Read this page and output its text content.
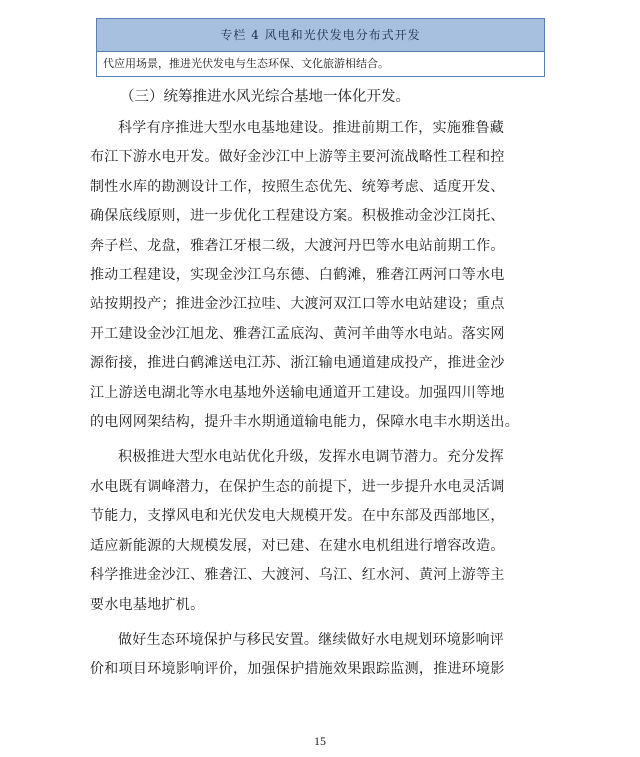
专栏 4 风电和光伏发电分布式开发
代应用场景，推进光伏发电与生态环保、文化旅游相结合。
（三）统筹推进水风光综合基地一体化开发。
科学有序推进大型水电基地建设。推进前期工作，实施雅鲁藏
布江下游水电开发。做好金沙江中上游等主要河流战略性工程和控
制性水库的勘测设计工作，按照生态优先、统筹考虑、适度开发、
确保底线原则，进一步优化工程建设方案。积极推动金沙江岗托、
奔子栏、龙盘，雅砻江牙根二级，大渡河丹巴等水电站前期工作。
推动工程建设，实现金沙江乌东德、白鹤滩，雅砻江两河口等水电
站按期投产；推进金沙江拉哇、大渡河双江口等水电站建设；重点
开工建设金沙江旭龙、雅砻江孟底沟、黄河羊曲等水电站。落实网
源衔接，推进白鹤滩送电江苏、浙江输电通道建成投产，推进金沙
江上游送电湖北等水电基地外送输电通道开工建设。加强四川等地
的电网网架结构，提升丰水期通道输电能力，保障水电丰水期送出。
积极推进大型水电站优化升级，发挥水电调节潜力。充分发挥
水电既有调峰潜力，在保护生态的前提下，进一步提升水电灵活调
节能力，支撑风电和光伏发电大规模开发。在中东部及西部地区，
适应新能源的大规模发展，对已建、在建水电机组进行增容改造。
科学推进金沙江、雅砻江、大渡河、乌江、红水河、黄河上游等主
要水电基地扩机。
做好生态环境保护与移民安置。继续做好水电规划环境影响评
价和项目环境影响评价，加强保护措施效果跟踪监测，推进环境影
15
